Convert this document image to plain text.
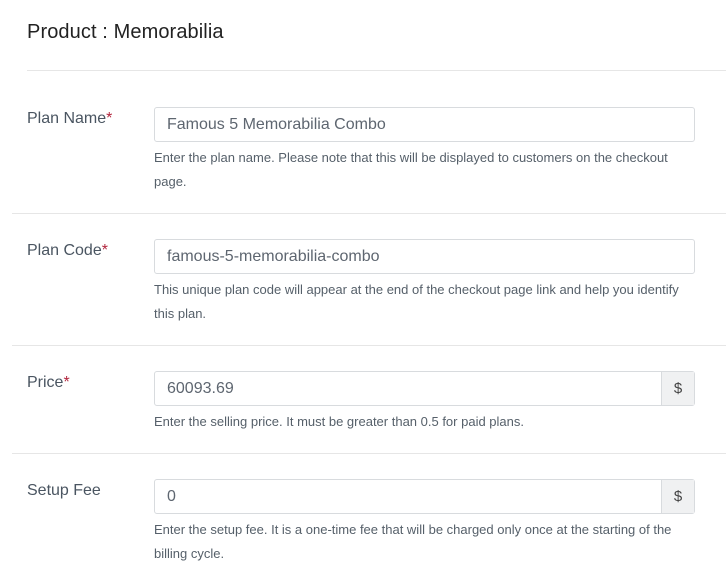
Product : Memorabilia
Plan Name*
Famous 5 Memorabilia Combo
Enter the plan name. Please note that this will be displayed to customers on the checkout page.
Plan Code*
famous-5-memorabilia-combo
This unique plan code will appear at the end of the checkout page link and help you identify this plan.
Price*
60093.69	$
Enter the selling price. It must be greater than 0.5 for paid plans.
Setup Fee
0	$
Enter the setup fee. It is a one-time fee that will be charged only once at the starting of the billing cycle.
